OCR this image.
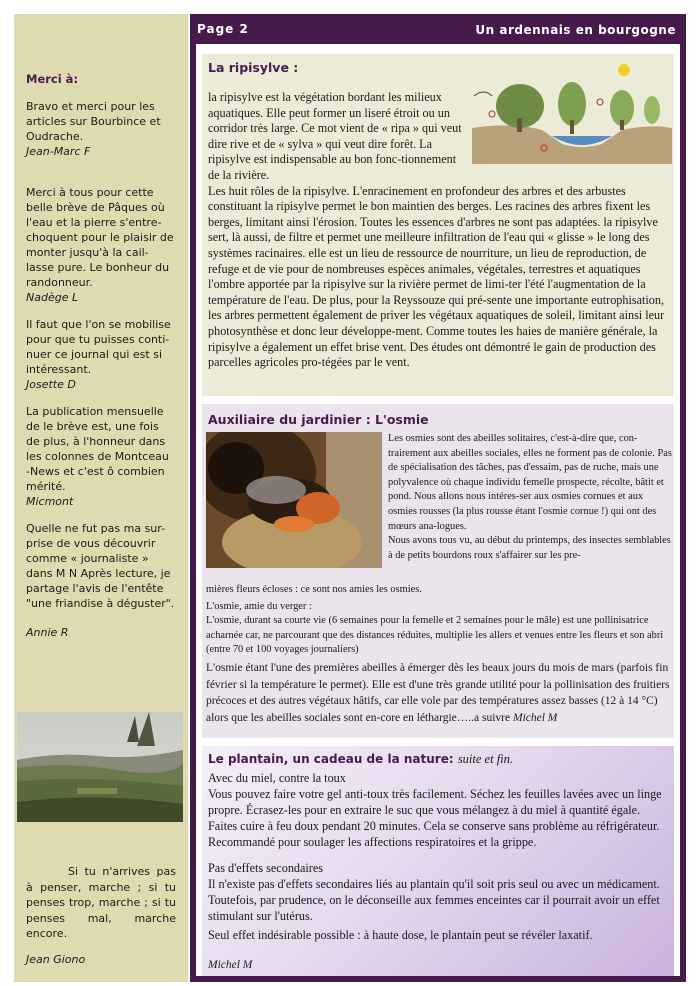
Merci à:

Bravo et merci pour les articles sur Bourbince et Oudrache.

Jean-Marc F

Merci à tous pour cette belle brève de Pâques où l'eau et la pierre s'entre-choquent pour le plaisir de monter jusqu'à la cail-lasse pure. Le bonheur du randonneur.

Nadège L

Il faut que l'on se mobilise pour que tu puisses conti-nuer ce journal qui est si intéressant.

Josette D

La publication mensuelle de le brève est, une fois de plus, à l'honneur dans les colonnes de Montceau -News et c'est ô combien mérité.

Micmont

Quelle ne fut pas ma sur-prise de vous découvrir comme « journaliste » dans M N Après lecture, je partage l'avis de l'entête "une friandise à déguster".

Annie R
Si tu n'arrives pas à penser, marche ; si tu penses trop, marche ; si tu penses mal, marche encore.
Jean Giono
Page 2	Un ardennais en bourgogne
La ripisylve :
la ripisylve est la végétation bordant les milieux aquatiques. Elle peut former un liseré étroit ou un corridor très large. Ce mot vient de « ripa » qui veut dire rive et de « sylva » qui veut dire forêt. La ripisylve est indispensable au bon fonc-tionnement de la rivière.
Les huit rôles de la ripisylve. L'enracinement en profondeur des arbres et des arbustes constituant la ripisylve permet le bon maintien des berges. Les racines des arbres fixent les berges, limitant ainsi l'érosion. Toutes les essences d'arbres ne sont pas adaptées. la ripisylve sert, là aussi, de filtre et permet une meilleure infiltration de l'eau qui « glisse » le long des systèmes racinaires. elle est un lieu de ressource de nourriture, un lieu de reproduction, de refuge et de vie pour de nombreuses espèces animales, végétales, terrestres et aquatiques l'ombre apportée par la ripisylve sur la rivière permet de limi-ter l'été l'augmentation de la température de l'eau. De plus, pour la Reyssouze qui pré-sente une importante eutrophisation, les arbres permettent également de priver les végétaux aquatiques de soleil, limitant ainsi leur photosynthèse et donc leur développe-ment. Comme toutes les haies de manière générale, la ripisylve a également un effet brise vent. Des études ont démontré le gain de production des parcelles agricoles pro-tégées par le vent.
Auxiliaire du jardinier : L'osmie
Les osmies sont des abeilles solitaires, c'est-à-dire que, con-trairement aux abeilles sociales, elles ne forment pas de colonie. Pas de spécialisation des tâches, pas d'essaim, pas de ruche, mais une polyvalence où chaque individu femelle prospecte, récolte, bâtit et pond. Nous allons nous intéres-ser aux osmies cornues et aux osmies rousses (la plus rousse étant l'osmie cornue !) qui ont des mœurs ana-logues.
Nous avons tous vu, au début du printemps, des insectes semblables à de petits bourdons roux s'affairer sur les pre-

mières fleurs écloses : ce sont nos amies les osmies.

L'osmie, amie du verger :

L'osmie, durant sa courte vie (6 semaines pour la femelle et 2 semaines pour le mâle) est une pollinisatrice acharnée car, ne parcourant que des distances réduites, multiplie les allers et venues entre les fleurs et son abri (entre 70 et 100 voyages journaliers)

L'osmie étant l'une des premières abeilles à émerger dès les beaux jours du mois de mars (parfois fin février si la température le permet). Elle est d'une très grande utilité pour la pollinisation des fruitiers précoces et des autres végétaux hâtifs, car elle vole par des températures assez basses (12 à 14 °C) alors que les abeilles sociales sont en-core en léthargie…..a suivre Michel M

Le plantain, un cadeau de la nature: suite et fin.

Avec du miel, contre la toux

Vous pouvez faire votre gel anti-toux très facilement. Séchez les feuilles lavées avec un linge propre. Écrasez-les pour en extraire le suc que vous mélangez à du miel à quantité égale. Faites cuire à feu doux pendant 20 minutes. Cela se conserve sans problème au réfrigérateur. Recommandé pour soulager les affections respiratoires et la grippe.

Pas d'effets secondaires

Il n'existe pas d'effets secondaires liés au plantain qu'il soit pris seul ou avec un médicament. Toutefois, par prudence, on le déconseille aux femmes enceintes car il pourrait avoir un effet stimulant sur l'utérus.

Seul effet indésirable possible : à haute dose, le plantain peut se révéler laxatif.

Michel M
